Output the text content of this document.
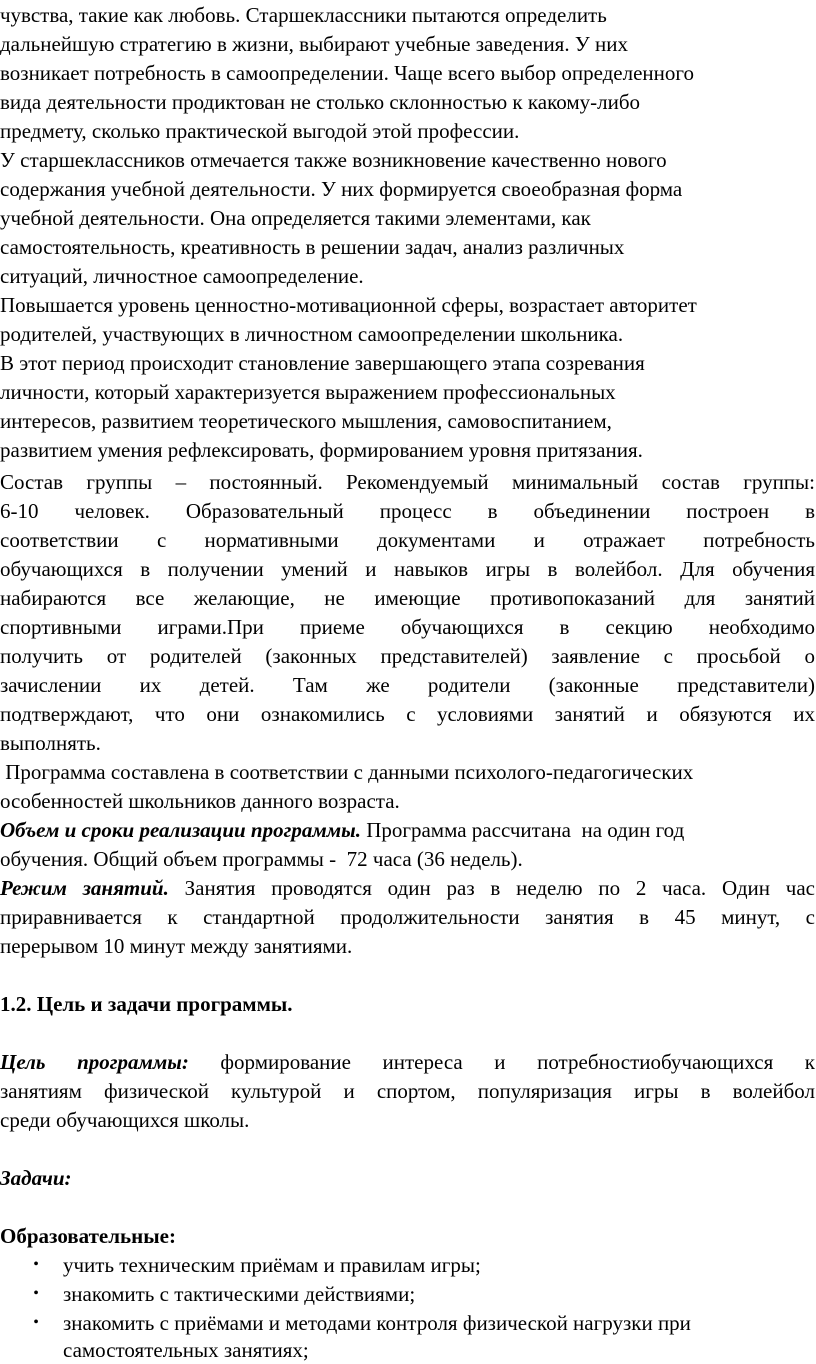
чувства, такие как любовь. Старшеклассники пытаются определить
дальнейшую стратегию в жизни, выбирают учебные заведения. У них
возникает потребность в самоопределении. Чаще всего выбор определенного
вида деятельности продиктован не столько склонностью к какому-либо
предмету, сколько практической выгодой этой профессии.
У старшеклассников отмечается также возникновение качественно нового
содержания учебной деятельности. У них формируется своеобразная форма
учебной деятельности. Она определяется такими элементами, как
самостоятельность, креативность в решении задач, анализ различных
ситуаций, личностное самоопределение.
Повышается уровень ценностно-мотивационной сферы, возрастает авторитет
родителей, участвующих в личностном самоопределении школьника.
В этот период происходит становление завершающего этапа созревания
личности, который характеризуется выражением профессиональных
интересов, развитием теоретического мышления, самовоспитанием,
развитием умения рефлексировать, формированием уровня притязания.
Состав группы – постоянный. Рекомендуемый минимальный состав группы:
6-10 человек. Образовательный процесс в объединении построен в
соответствии с нормативными документами и отражает потребность
обучающихся в получении умений и навыков игры в волейбол. Для обучения
набираются все желающие, не имеющие противопоказаний для занятий
спортивными играми.При приеме обучающихся в секцию необходимо
получить от родителей (законных представителей) заявление с просьбой о
зачислении их детей. Там же родители (законные представители)
подтверждают, что они ознакомились с условиями занятий и обязуются их
выполнять.
Программа составлена в соответствии с данными психолого-педагогических
особенностей школьников данного возраста.
Объем и сроки реализации программы. Программа рассчитана  на один год
обучения. Общий объем программы -  72 часа (36 недель).
Режим занятий. Занятия проводятся один раз в неделю по 2 часа. Один час
приравнивается к стандартной продолжительности занятия в 45 минут, с
перерывом 10 минут между занятиями.
1.2. Цель и задачи программы.
Цель программы: формирование интереса и потребностиобучающихся к
занятиям физической культурой и спортом, популяризация игры в волейбол
среди обучающихся школы.
Задачи:
Образовательные:
• учить техническим приёмам и правилам игры;
• знакомить с тактическими действиями;
• знакомить с приёмами и методами контроля физической нагрузки при
самостоятельных занятиях;
